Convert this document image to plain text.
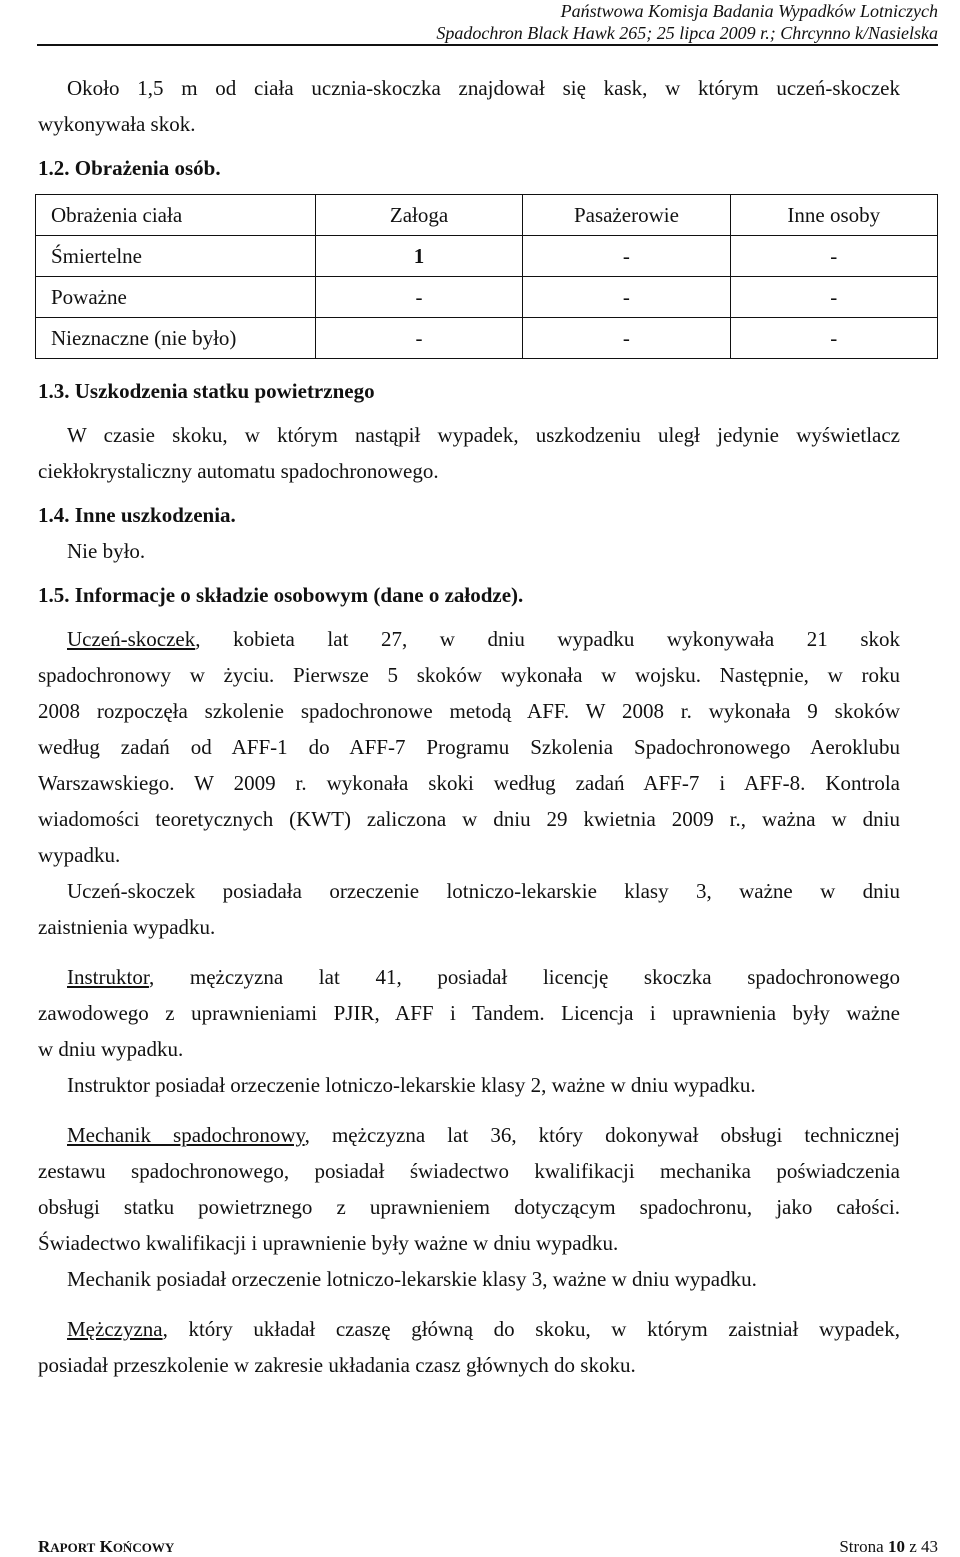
Państwowa Komisja Badania Wypadków Lotniczych
Spadochron Black Hawk 265; 25 lipca 2009 r.; Chrcynno k/Nasielska
Około 1,5 m od ciała ucznia-skoczka znajdował się kask, w którym uczeń-skoczek
wykonywała skok.
1.2. Obrażenia osób.
Obrażenia ciała	Załoga	Pasażerowie	Inne osoby
Śmiertelne	1	-	-
Poważne	-	-	-
Nieznaczne (nie było)	-	-	-
1.3. Uszkodzenia statku powietrznego
W czasie skoku, w którym nastąpił wypadek, uszkodzeniu uległ jedynie wyświetlacz
ciekłokrystaliczny automatu spadochronowego.
1.4. Inne uszkodzenia.
Nie było.
1.5. Informacje o składzie osobowym (dane o załodze).
Uczeń-skoczek, kobieta lat 27, w dniu wypadku wykonywała 21 skok
spadochronowy w życiu. Pierwsze 5 skoków wykonała w wojsku. Następnie, w roku
2008 rozpoczęła szkolenie spadochronowe metodą AFF. W 2008 r. wykonała 9 skoków
według zadań od AFF-1 do AFF-7 Programu Szkolenia Spadochronowego Aeroklubu
Warszawskiego. W 2009 r. wykonała skoki według zadań AFF-7 i AFF-8. Kontrola
wiadomości teoretycznych (KWT) zaliczona w dniu 29 kwietnia 2009 r., ważna w dniu
wypadku.
Uczeń-skoczek posiadała orzeczenie lotniczo-lekarskie klasy 3, ważne w dniu
zaistnienia wypadku.
Instruktor, mężczyzna lat 41, posiadał licencję skoczka spadochronowego
zawodowego z uprawnieniami PJIR, AFF i Tandem. Licencja i uprawnienia były ważne
w dniu wypadku.
Instruktor posiadał orzeczenie lotniczo-lekarskie klasy 2, ważne w dniu wypadku.
Mechanik spadochronowy, mężczyzna lat 36, który dokonywał obsługi technicznej
zestawu spadochronowego, posiadał świadectwo kwalifikacji mechanika poświadczenia
obsługi statku powietrznego z uprawnieniem dotyczącym spadochronu, jako całości.
Świadectwo kwalifikacji i uprawnienie były ważne w dniu wypadku.
Mechanik posiadał orzeczenie lotniczo-lekarskie klasy 3, ważne w dniu wypadku.
Mężczyzna, który układał czaszę główną do skoku, w którym zaistniał wypadek,
posiadał przeszkolenie w zakresie układania czasz głównych do skoku.
RAPORT KOŃCOWY	Strona 10 z 43
